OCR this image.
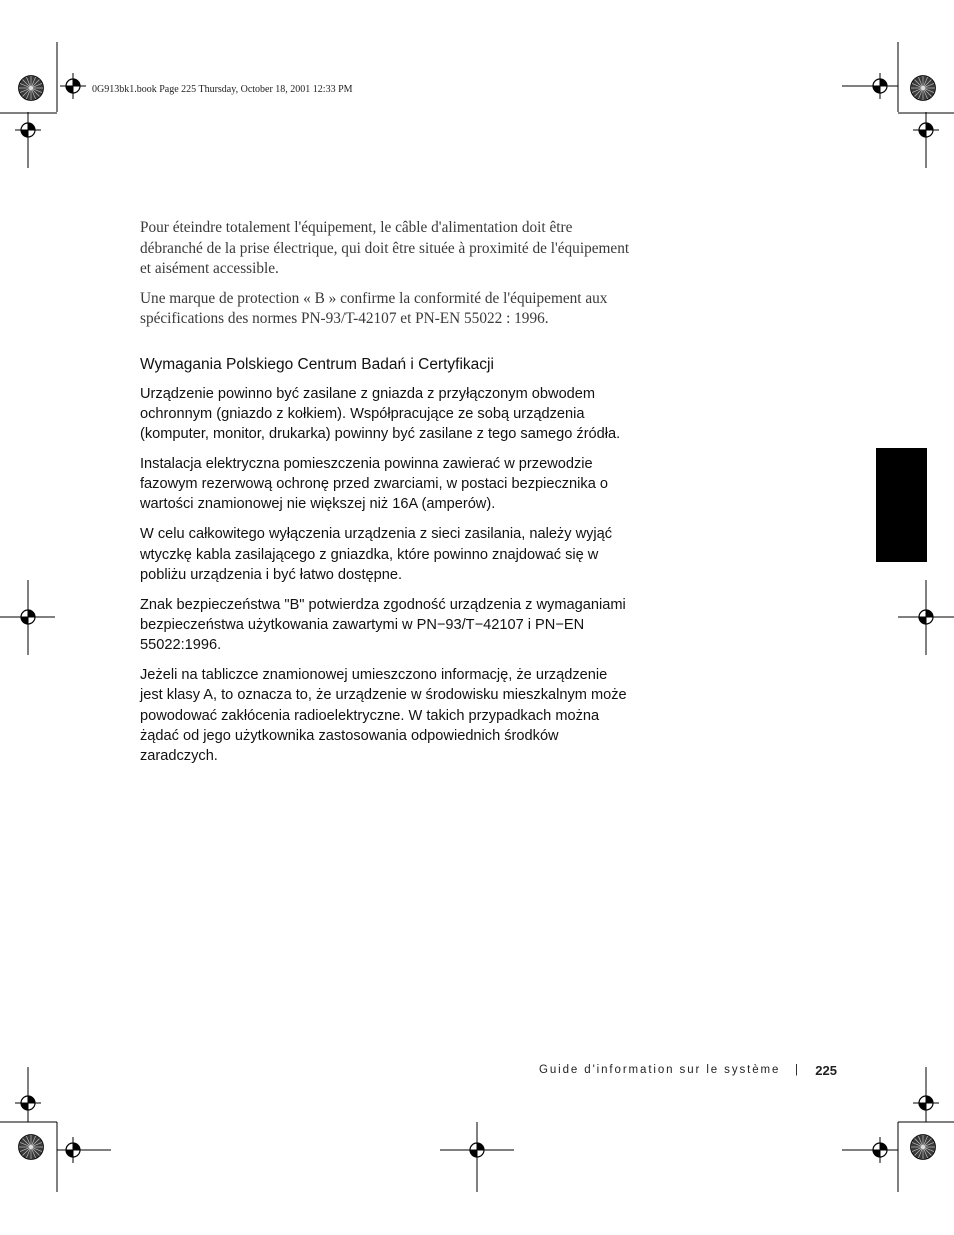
0G913bk1.book Page 225 Thursday, October 18, 2001 12:33 PM

Pour éteindre totalement l'équipement, le câble d'alimentation doit être débranché de la prise électrique, qui doit être située à proximité de l'équipement et aisément accessible.

Une marque de protection « B » confirme la conformité de l'équipement aux spécifications des normes PN-93/T-42107 et PN-EN 55022 : 1996.

Wymagania Polskiego Centrum Badań i Certyfikacji

Urządzenie powinno być zasilane z gniazda z przyłączonym obwodem ochronnym (gniazdo z kołkiem). Współpracujące ze sobą urządzenia (komputer, monitor, drukarka) powinny być zasilane z tego samego źródła.

Instalacja elektryczna pomieszczenia powinna zawierać w przewodzie fazowym rezerwową ochronę przed zwarciami, w postaci bezpiecznika o wartości znamionowej nie większej niż 16A (amperów).

W celu całkowitego wyłączenia urządzenia z sieci zasilania, należy wyjąć wtyczkę kabla zasilającego z gniazdka, które powinno znajdować się w pobliżu urządzenia i być łatwo dostępne.

Znak bezpieczeństwa "B" potwierdza zgodność urządzenia z wymaganiami bezpieczeństwa użytkowania zawartymi w PN−93/T−42107 i PN−EN 55022:1996.

Jeżeli na tabliczce znamionowej umieszczono informację, że urządzenie jest klasy A, to oznacza to, że urządzenie w środowisku mieszkalnym może powodować zakłócenia radioelektryczne. W takich przypadkach można żądać od jego użytkownika zastosowania odpowiednich środków zaradczych.

Guide d'information sur le système | 225
